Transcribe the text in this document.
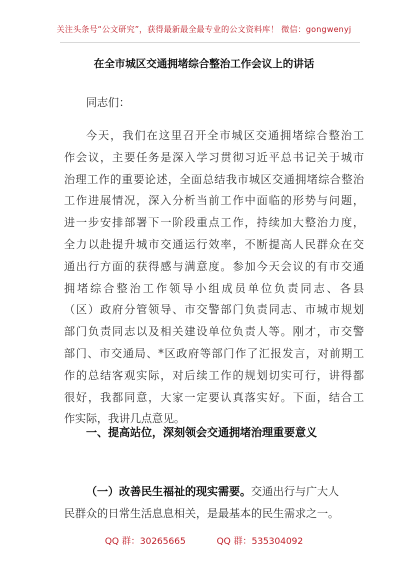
关注头条号“公文研究”，获得最新最全最专业的公文资料库！ 微信：gongwenyj
在全市城区交通拥堵综合整治工作会议上的讲话
同志们：
今天，我们在这里召开全市城区交通拥堵综合整治工
作会议，主要任务是深入学习贯彻习近平总书记关于城市
治理工作的重要论述，全面总结我市城区交通拥堵综合整治
工作进展情况，深入分析当前工作中面临的形势与问题，
进一步安排部署下一阶段重点工作，持续加大整治力度，
全力以赴提升城市交通运行效率，不断提高人民群众在交
通出行方面的获得感与满意度。参加今天会议的有市交通
拥堵综合整治工作领导小组成员单位负责同志、各县
（区）政府分管领导、市交警部门负责同志、市城市规划
部门负责同志以及相关建设单位负责人等。刚才，市交警
部门、市交通局、*区政府等部门作了汇报发言，对前期工
作的总结客观实际，对后续工作的规划切实可行，讲得都
很好，我都同意，大家一定要认真落实好。下面，结合工
作实际，我讲几点意见。
一、提高站位，深刻领会交通拥堵治理重要意义
（一）改善民生福祉的现实需要。交通出行与广大人
民群众的日常生活息息相关，是最基本的民生需求之一。
QQ 群：30265665	QQ 群：535304092
